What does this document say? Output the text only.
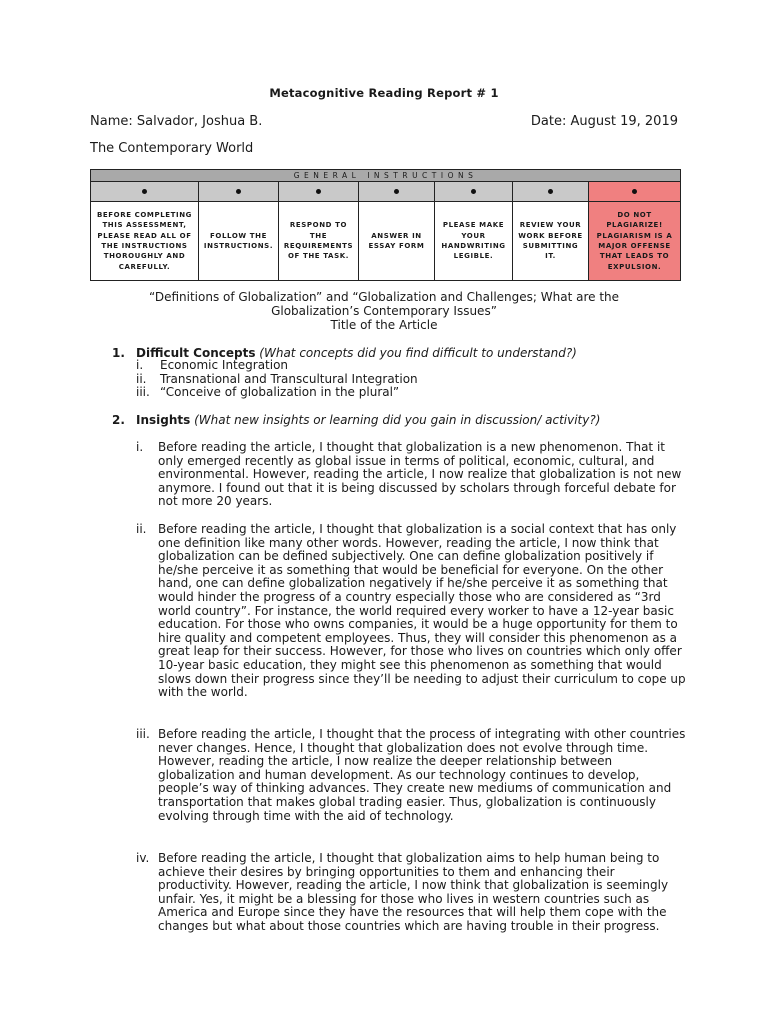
Metacognitive Reading Report # 1
Name: Salvador, Joshua B.	Date: August 19, 2019
The Contemporary World
GENERAL INSTRUCTIONS						

BEFORE COMPLETING THIS ASSESSMENT, PLEASE READ ALL OF THE INSTRUCTIONS THOROUGHLY AND CAREFULLY.	FOLLOW THE INSTRUCTIONS.	RESPOND TO THE REQUIREMENTS OF THE TASK.	ANSWER IN ESSAY FORM	PLEASE MAKE YOUR HANDWRITING LEGIBLE.	REVIEW YOUR WORK BEFORE SUBMITTING IT.	DO NOT PLAGIARIZE! PLAGIARISM IS A MAJOR OFFENSE THAT LEADS TO EXPULSION.
“Definitions of Globalization” and “Globalization and Challenges; What are the
Globalization’s Contemporary Issues”
Title of the Article
1. Difficult Concepts (What concepts did you find difficult to understand?)
i. Economic Integration
ii. Transnational and Transcultural Integration
iii. “Conceive of globalization in the plural”
2. Insights (What new insights or learning did you gain in discussion/ activity?)
i. Before reading the article, I thought that globalization is a new phenomenon. That it only emerged recently as global issue in terms of political, economic, cultural, and environmental. However, reading the article, I now realize that globalization is not new anymore. I found out that it is being discussed by scholars through forceful debate for not more 20 years.
ii. Before reading the article, I thought that globalization is a social context that has only one definition like many other words. However, reading the article, I now think that globalization can be defined subjectively. One can define globalization positively if he/she perceive it as something that would be beneficial for everyone. On the other hand, one can define globalization negatively if he/she perceive it as something that would hinder the progress of a country especially those who are considered as “3rd world country”. For instance, the world required every worker to have a 12-year basic education. For those who owns companies, it would be a huge opportunity for them to hire quality and competent employees. Thus, they will consider this phenomenon as a great leap for their success. However, for those who lives on countries which only offer 10-year basic education, they might see this phenomenon as something that would slows down their progress since they’ll be needing to adjust their curriculum to cope up with the world.
iii. Before reading the article, I thought that the process of integrating with other countries never changes. Hence, I thought that globalization does not evolve through time. However, reading the article, I now realize the deeper relationship between globalization and human development. As our technology continues to develop, people’s way of thinking advances. They create new mediums of communication and transportation that makes global trading easier. Thus, globalization is continuously evolving through time with the aid of technology.
iv. Before reading the article, I thought that globalization aims to help human being to achieve their desires by bringing opportunities to them and enhancing their productivity. However, reading the article, I now think that globalization is seemingly unfair. Yes, it might be a blessing for those who lives in western countries such as America and Europe since they have the resources that will help them cope with the changes but what about those countries which are having trouble in their progress.
